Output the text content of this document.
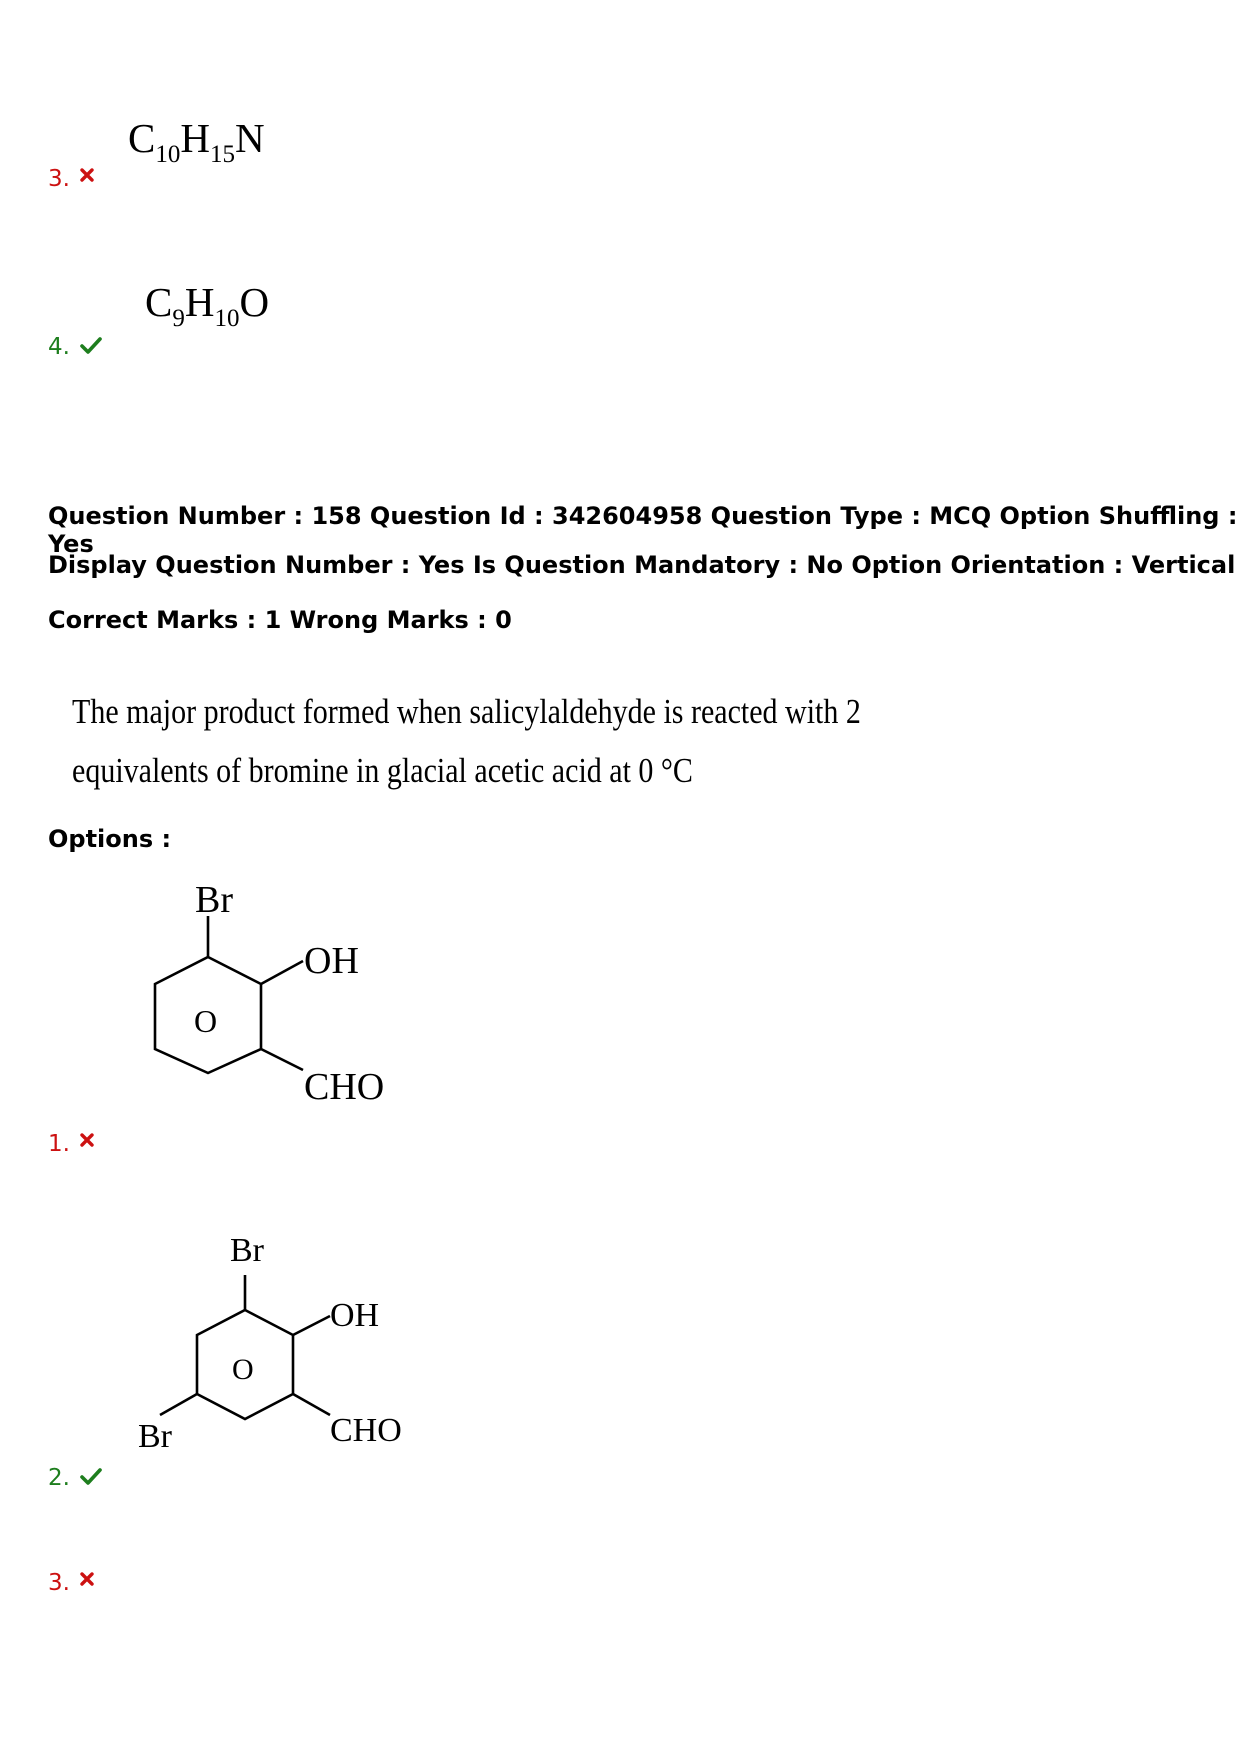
$C_{10}H_{15}N$
3.
$C_9H_{10}O$
4.
Question Number : 158 Question Id : 342604958 Question Type : MCQ Option Shuffling : Yes
Display Question Number : Yes Is Question Mandatory : No Option Orientation : Vertical
Correct Marks : 1 Wrong Marks : 0
The major product formed when salicylaldehyde is reacted with 2 equivalents of bromine in glacial acetic acid at 0 °C
Options :
Br
OH
CHO
O
1.
Br
OH
CHO
Br
O
2.
3.
